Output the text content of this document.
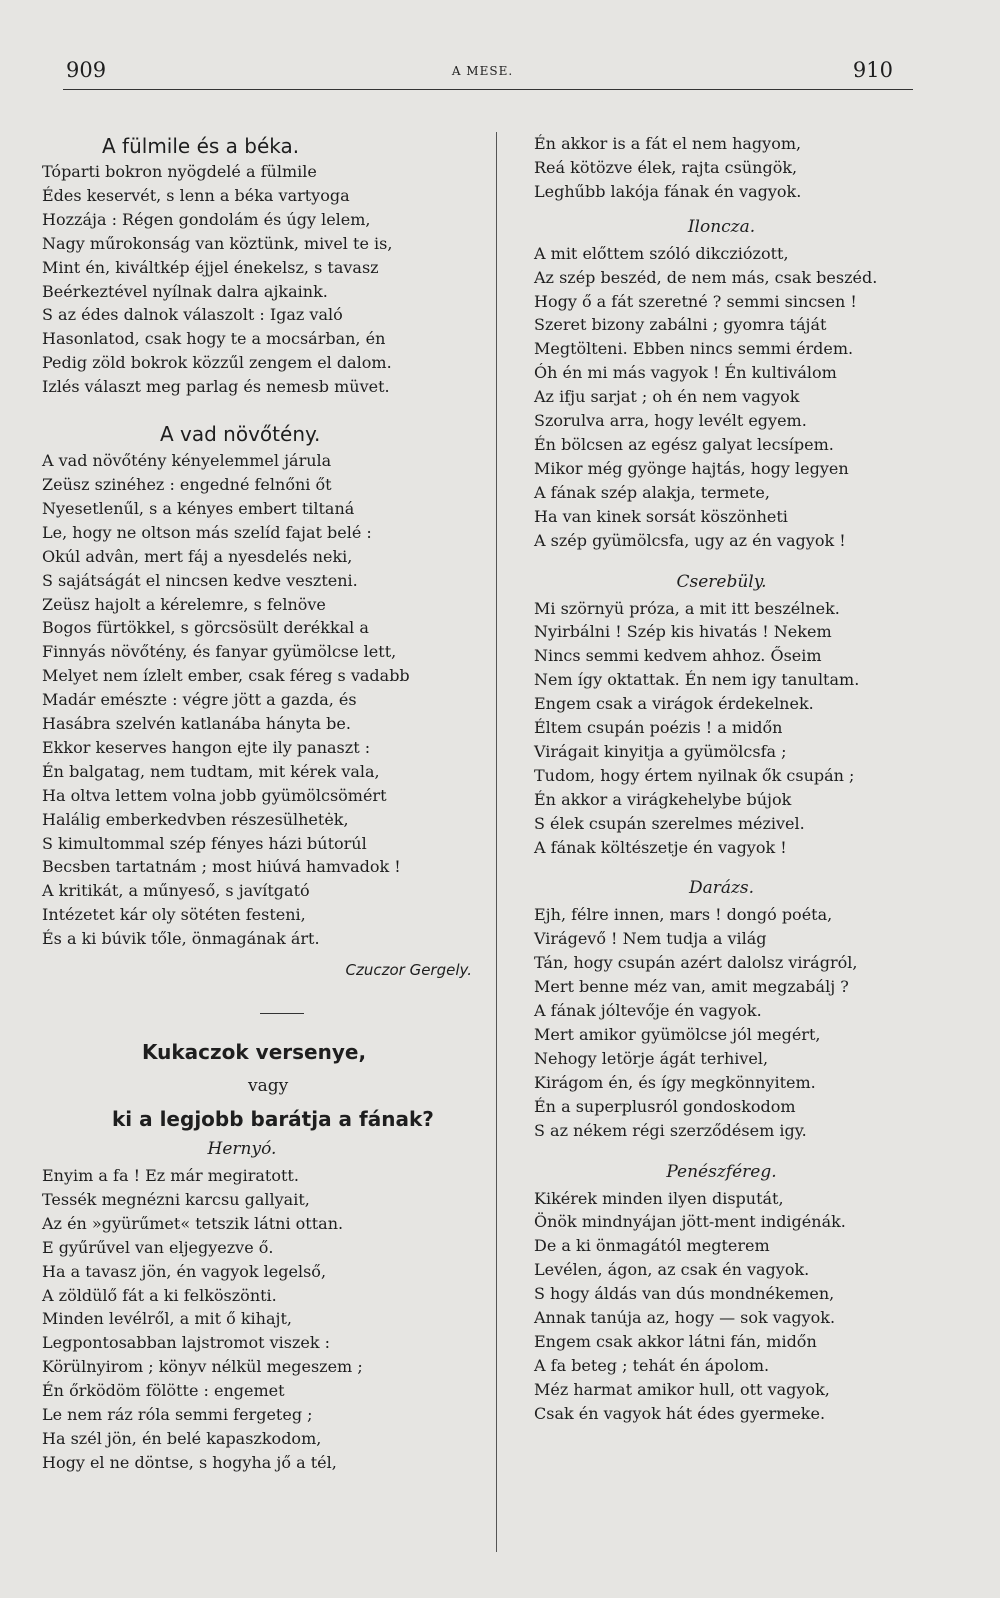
909	A MESE.	910
A fülmile és a béka.
Tóparti bokron nyögdelé a fülmile
Édes keservét, s lenn a béka vartyoga
Hozzája : Régen gondolám és úgy lelem,
Nagy műrokonság van köztünk, mivel te is,
Mint én, kiváltkép éjjel énekelsz, s tavasz
Beérkeztével nyílnak dalra ajkaink.
S az édes dalnok válaszolt : Igaz való
Hasonlatod, csak hogy te a mocsárban, én
Pedig zöld bokrok közzűl zengem el dalom.
Izlés választ meg parlag és nemesb müvet.
A vad növőtény.
A vad növőtény kényelemmel járula
Zeüsz szinéhez : engedné felnőni őt
Nyesetlenűl, s a kényes embert tiltaná
Le, hogy ne oltson más szelíd fajat belé :
Okúl advân, mert fáj a nyesdelés neki,
S sajátságát el nincsen kedve veszteni.
Zeüsz hajolt a kérelemre, s felnöve
Bogos fürtökkel, s görcsösült derékkal a
Finnyás növőtény, és fanyar gyümölcse lett,
Melyet nem ízlelt ember, csak féreg s vadabb
Madár emészte : végre jött a gazda, és
Hasábra szelvén katlanába hányta be.
Ekkor keserves hangon ejte ily panaszt :
Én balgatag, nem tudtam, mit kérek vala,
Ha oltva lettem volna jobb gyümölcsömért
Halálig emberkedvben részesülhetėk,
S kimultommal szép fényes házi bútorúl
Becsben tartatnám ; most hiúvá hamvadok !
A kritikát, a műnyeső, s javítgató
Intézetet kár oly sötéten festeni,
És a ki búvik tőle, önmagának árt.
Czuczor Gergely.
Kukaczok versenye,
vagy
ki a legjobb barátja a fának?
Hernyó.
Enyim a fa ! Ez már megiratott.
Tessék megnézni karcsu gallyait,
Az én »gyürűmet« tetszik látni ottan.
E gyűrűvel van eljegyezve ő.
Ha a tavasz jön, én vagyok legelső,
A zöldülő fát a ki felköszönti.
Minden levélről, a mit ő kihajt,
Legpontosabban lajstromot viszek :
Körülnyirom ; könyv nélkül megeszem ;
Én őrködöm fölötte : engemet
Le nem ráz róla semmi fergeteg ;
Ha szél jön, én belé kapaszkodom,
Hogy el ne döntse, s hogyha jő a tél,
Én akkor is a fát el nem hagyom,
Reá kötözve élek, rajta csüngök,
Leghűbb lakója fának én vagyok.
Iloncza.
A mit előttem szóló dikcziózott,
Az szép beszéd, de nem más, csak beszéd.
Hogy ő a fát szeretné ? semmi sincsen !
Szeret bizony zabálni ; gyomra táját
Megtölteni. Ebben nincs semmi érdem.
Óh én mi más vagyok ! Én kultiválom
Az ifju sarjat ; oh én nem vagyok
Szorulva arra, hogy levélt egyem.
Én bölcsen az egész galyat lecsípem.
Mikor még gyönge hajtás, hogy legyen
A fának szép alakja, termete,
Ha van kinek sorsát köszönheti
A szép gyümölcsfa, ugy az én vagyok !
Cserebüly.
Mi szörnyü próza, a mit itt beszélnek.
Nyirbálni ! Szép kis hivatás ! Nekem
Nincs semmi kedvem ahhoz. Őseim
Nem így oktattak. Én nem igy tanultam.
Engem csak a virágok érdekelnek.
Éltem csupán poézis ! a midőn
Virágait kinyitja a gyümölcsfa ;
Tudom, hogy értem nyilnak ők csupán ;
Én akkor a virágkehelybe bújok
S élek csupán szerelmes mézivel.
A fának költészetje én vagyok !
Darázs.
Ejh, félre innen, mars ! dongó poéta,
Virágevő ! Nem tudja a világ
Tán, hogy csupán azért dalolsz virágról,
Mert benne méz van, amit megzabálj ?
A fának jóltevője én vagyok.
Mert amikor gyümölcse jól megért,
Nehogy letörje ágát terhivel,
Kirágom én, és így megkönnyitem.
Én a superplusról gondoskodom
S az nékem régi szerződésem igy.
Penészféreg.
Kikérek minden ilyen disputát,
Önök mindnyájan jött-ment indigénák.
De a ki önmagától megterem
Levélen, ágon, az csak én vagyok.
S hogy áldás van dús mondnékemen,
Annak tanúja az, hogy — sok vagyok.
Engem csak akkor látni fán, midőn
A fa beteg ; tehát én ápolom.
Méz harmat amikor hull, ott vagyok,
Csak én vagyok hát édes gyermeke.
